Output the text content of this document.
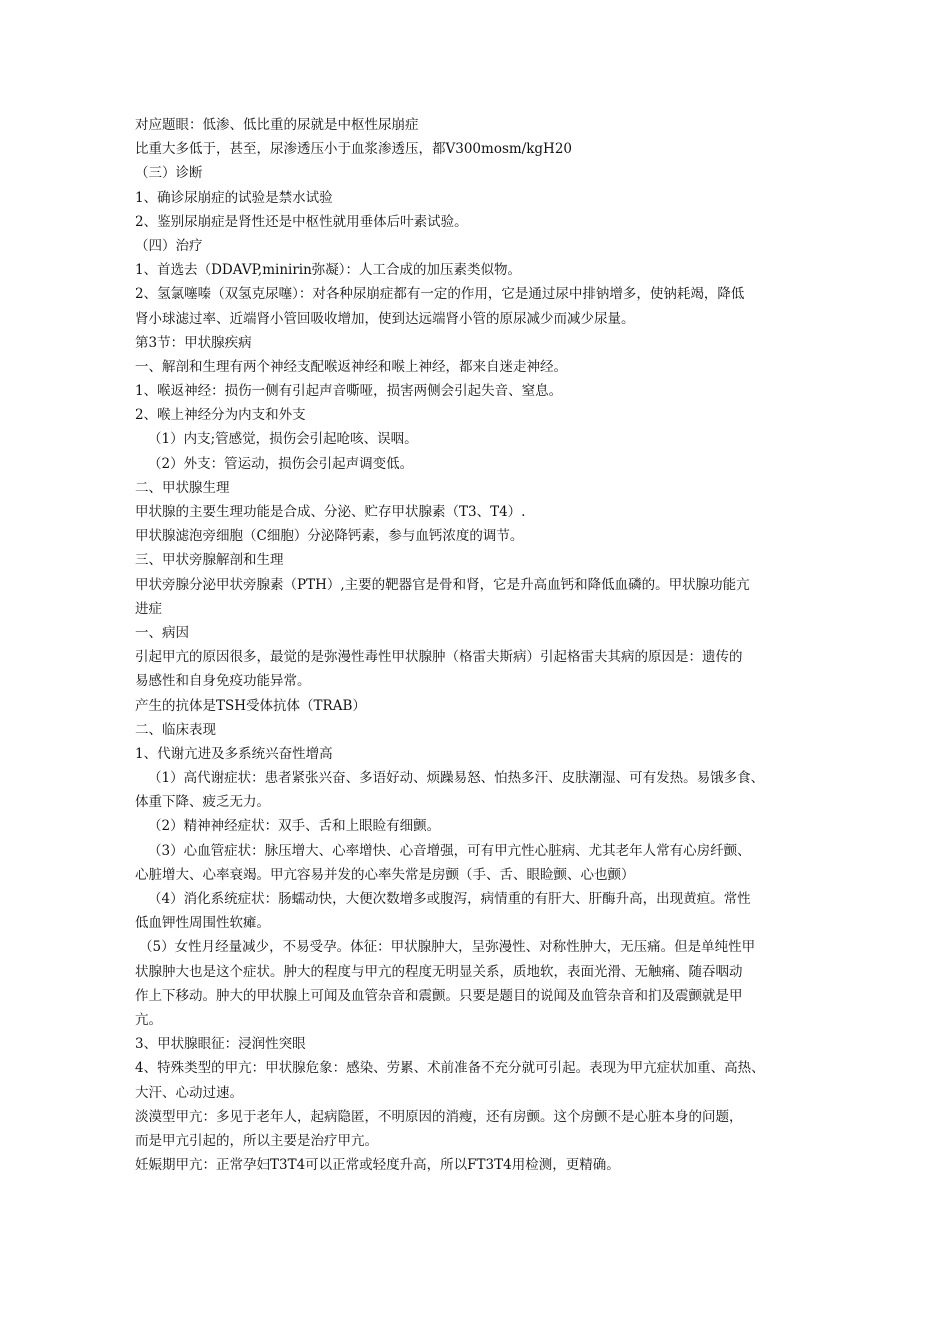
对应题眼：低渗、低比重的尿就是中枢性尿崩症
比重大多低于，甚至，尿渗透压小于血浆渗透压，都V300mosm/kgH20
（三）诊断
1、确诊尿崩症的试验是禁水试验
2、鉴别尿崩症是肾性还是中枢性就用垂体后叶素试验。
（四）治疗
1、首选去（DDAVP,minirin弥凝）：人工合成的加压素类似物。
2、氢氯噻嗪（双氢克尿噻）：对各种尿崩症都有一定的作用，它是通过尿中排钠增多，使钠耗竭，降低
肾小球滤过率、近端肾小管回吸收增加，使到达远端肾小管的原尿减少而减少尿量。
第3节：甲状腺疾病
一、解剖和生理有两个神经支配喉返神经和喉上神经，都来自迷走神经。
1、喉返神经：损伤一侧有引起声音嘶哑，损害两侧会引起失音、窒息。
2、喉上神经分为内支和外支
（1）内支;管感觉，损伤会引起呛咳、误咽。
（2）外支：管运动，损伤会引起声调变低。
二、甲状腺生理
甲状腺的主要生理功能是合成、分泌、贮存甲状腺素（T3、T4）.
甲状腺滤泡旁细胞（C细胞）分泌降钙素，参与血钙浓度的调节。
三、甲状旁腺解剖和生理
甲状旁腺分泌甲状旁腺素（PTH）,主要的靶器官是骨和肾，它是升高血钙和降低血磷的。甲状腺功能亢
进症
一、病因
引起甲亢的原因很多，最觉的是弥漫性毒性甲状腺肿（格雷夫斯病）引起格雷夫其病的原因是：遗传的
易感性和自身免疫功能异常。
产生的抗体是TSH受体抗体（TRAB）
二、临床表现
1、代谢亢进及多系统兴奋性增高
（1）高代谢症状：患者紧张兴奋、多语好动、烦躁易怒、怕热多汗、皮肤潮湿、可有发热。易饿多食、
体重下降、疲乏无力。
（2）精神神经症状：双手、舌和上眼睑有细颤。
（3）心血管症状：脉压增大、心率增快、心音增强，可有甲亢性心脏病、尤其老年人常有心房纤颤、
心脏增大、心率衰竭。甲亢容易并发的心率失常是房颤（手、舌、眼睑颤、心也颤）
（4）消化系统症状：肠蠕动快，大便次数增多或腹泻，病情重的有肝大、肝酶升高，出现黄疸。常性
低血钾性周围性软瘫。
（5）女性月经量减少，不易受孕。体征：甲状腺肿大，呈弥漫性、对称性肿大，无压痛。但是单纯性甲
状腺肿大也是这个症状。肿大的程度与甲亢的程度无明显关系，质地软，表面光滑、无触痛、随吞咽动
作上下移动。肿大的甲状腺上可闻及血管杂音和震颤。只要是题目的说闻及血管杂音和扪及震颤就是甲
亢。
3、甲状腺眼征：浸润性突眼
4、特殊类型的甲亢：甲状腺危象：感染、劳累、术前准备不充分就可引起。表现为甲亢症状加重、高热、
大汗、心动过速。
淡漠型甲亢：多见于老年人，起病隐匿，不明原因的消瘦，还有房颤。这个房颤不是心脏本身的问题，
而是甲亢引起的，所以主要是治疗甲亢。
妊娠期甲亢：正常孕妇T3T4可以正常或轻度升高，所以FT3T4用检测，更精确。
